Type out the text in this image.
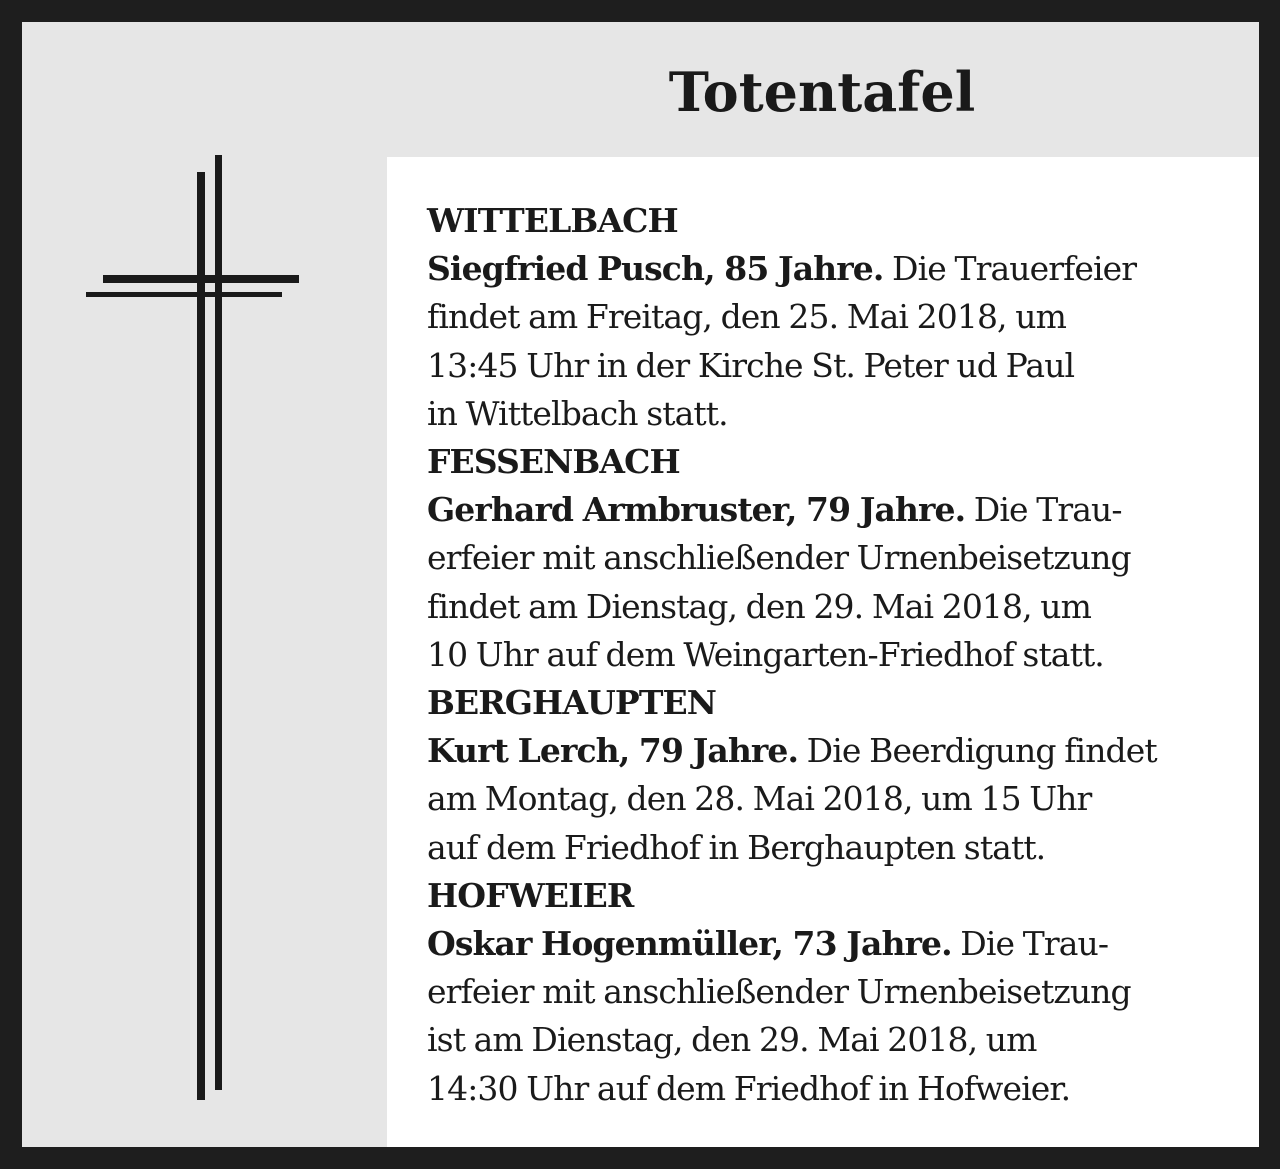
Totentafel
WITTELBACH
Siegfried Pusch, 85 Jahre. Die Trauerfeier
findet am Freitag, den 25. Mai 2018, um
13:45 Uhr in der Kirche St. Peter ud Paul
in Wittelbach statt.
FESSENBACH
Gerhard Armbruster, 79 Jahre. Die Trau-
erfeier mit anschließender Urnenbeisetzung
findet am Dienstag, den 29. Mai 2018, um
10 Uhr auf dem Weingarten-Friedhof statt.
BERGHAUPTEN
Kurt Lerch, 79 Jahre. Die Beerdigung findet
am Montag, den 28. Mai 2018, um 15 Uhr
auf dem Friedhof in Berghaupten statt.
HOFWEIER
Oskar Hogenmüller, 73 Jahre. Die Trau-
erfeier mit anschließender Urnenbeisetzung
ist am Dienstag, den 29. Mai 2018, um
14:30 Uhr auf dem Friedhof in Hofweier.
